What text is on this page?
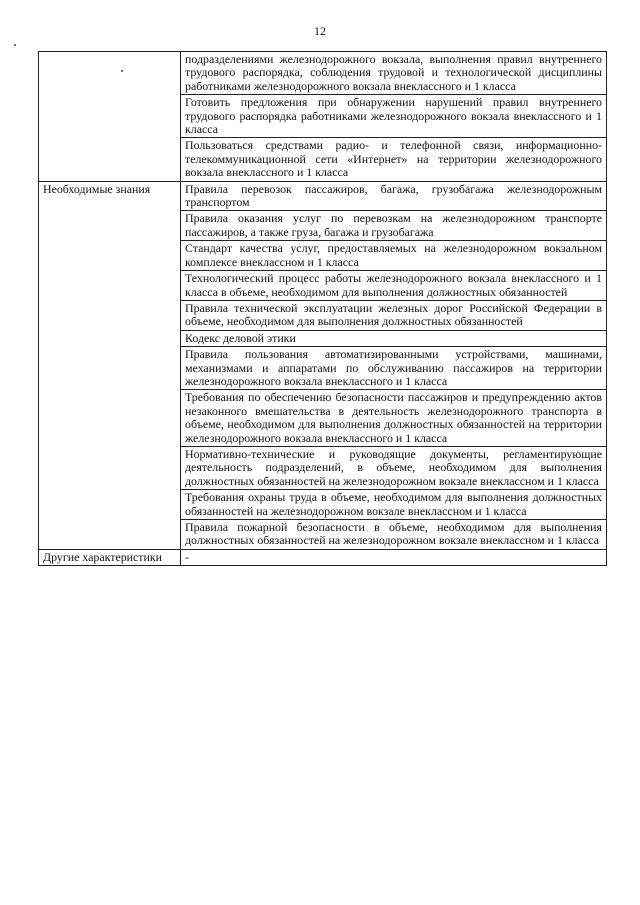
12
	подразделениями железнодорожного вокзала, выполнения правил внутреннего трудового распорядка, соблюдения трудовой и технологической дисциплины работниками железнодорожного вокзала внеклассного и 1 класса
	Готовить предложения при обнаружении нарушений правил внутреннего трудового распорядка работниками железнодорожного вокзала внеклассного и 1 класса
	Пользоваться средствами радио- и телефонной связи, информационно-телекоммуникационной сети «Интернет» на территории железнодорожного вокзала внеклассного и 1 класса
Необходимые знания	Правила перевозок пассажиров, багажа, грузобагажа железнодорожным транспортом
	Правила оказания услуг по перевозкам на железнодорожном транспорте пассажиров, а также груза, багажа и грузобагажа
	Стандарт качества услуг, предоставляемых на железнодорожном вокзальном комплексе внеклассном и 1 класса
	Технологический процесс работы железнодорожного вокзала внеклассного и 1 класса в объеме, необходимом для выполнения должностных обязанностей
	Правила технической эксплуатации железных дорог Российской Федерации в объеме, необходимом для выполнения должностных обязанностей
	Кодекс деловой этики
	Правила пользования автоматизированными устройствами, машинами, механизмами и аппаратами по обслуживанию пассажиров на территории железнодорожного вокзала внеклассного и 1 класса
	Требования по обеспечению безопасности пассажиров и предупреждению актов незаконного вмешательства в деятельность железнодорожного транспорта в объеме, необходимом для выполнения должностных обязанностей на территории железнодорожного вокзала внеклассного и 1 класса
	Нормативно-технические и руководящие документы, регламентирующие деятельность подразделений, в объеме, необходимом для выполнения должностных обязанностей на железнодорожном вокзале внеклассном и 1 класса
	Требования охраны труда в объеме, необходимом для выполнения должностных обязанностей на железнодорожном вокзале внеклассном и 1 класса
	Правила пожарной безопасности в объеме, необходимом для выполнения должностных обязанностей на железнодорожном вокзале внеклассном и 1 класса
Другие характеристики	-
